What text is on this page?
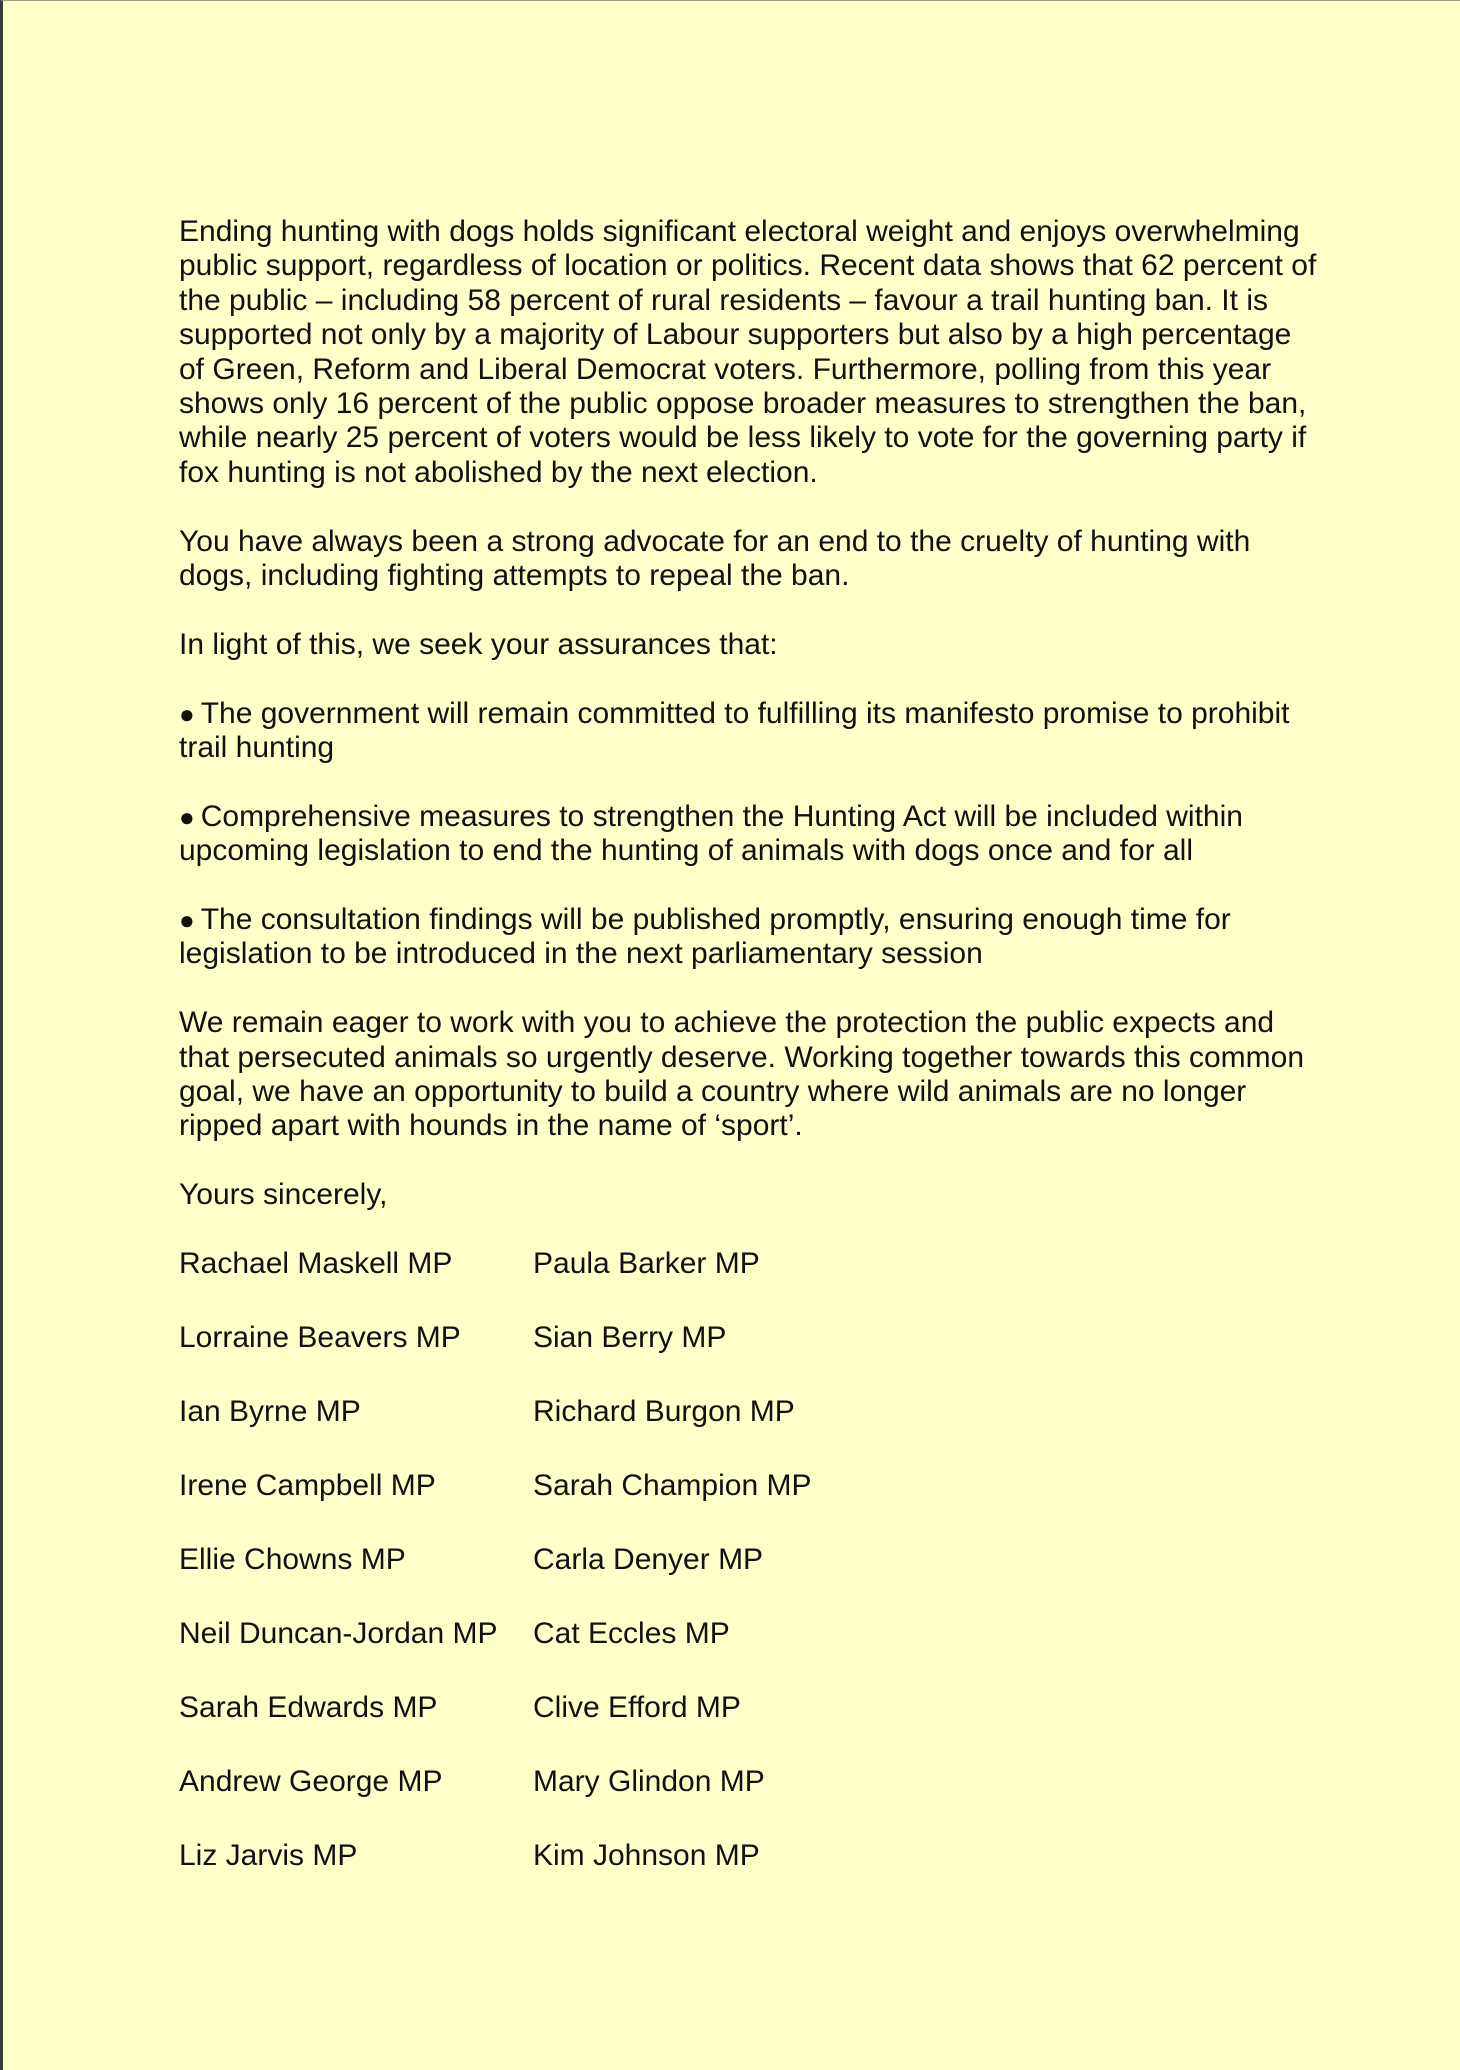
Ending hunting with dogs holds significant electoral weight and enjoys overwhelming public support, regardless of location or politics. Recent data shows that 62 percent of the public – including 58 percent of rural residents – favour a trail hunting ban. It is supported not only by a majority of Labour supporters but also by a high percentage of Green, Reform and Liberal Democrat voters. Furthermore, polling from this year shows only 16 percent of the public oppose broader measures to strengthen the ban, while nearly 25 percent of voters would be less likely to vote for the governing party if fox hunting is not abolished by the next election.

You have always been a strong advocate for an end to the cruelty of hunting with dogs, including fighting attempts to repeal the ban.

In light of this, we seek your assurances that:

● The government will remain committed to fulfilling its manifesto promise to prohibit trail hunting

● Comprehensive measures to strengthen the Hunting Act will be included within upcoming legislation to end the hunting of animals with dogs once and for all

● The consultation findings will be published promptly, ensuring enough time for legislation to be introduced in the next parliamentary session

We remain eager to work with you to achieve the protection the public expects and that persecuted animals so urgently deserve. Working together towards this common goal, we have an opportunity to build a country where wild animals are no longer ripped apart with hounds in the name of ‘sport’.

Yours sincerely,

Rachael Maskell MP	Paula Barker MP
Lorraine Beavers MP	Sian Berry MP
Ian Byrne MP	Richard Burgon MP
Irene Campbell MP	Sarah Champion MP
Ellie Chowns MP	Carla Denyer MP
Neil Duncan-Jordan MP	Cat Eccles MP
Sarah Edwards MP	Clive Efford MP
Andrew George MP	Mary Glindon MP
Liz Jarvis MP	Kim Johnson MP
